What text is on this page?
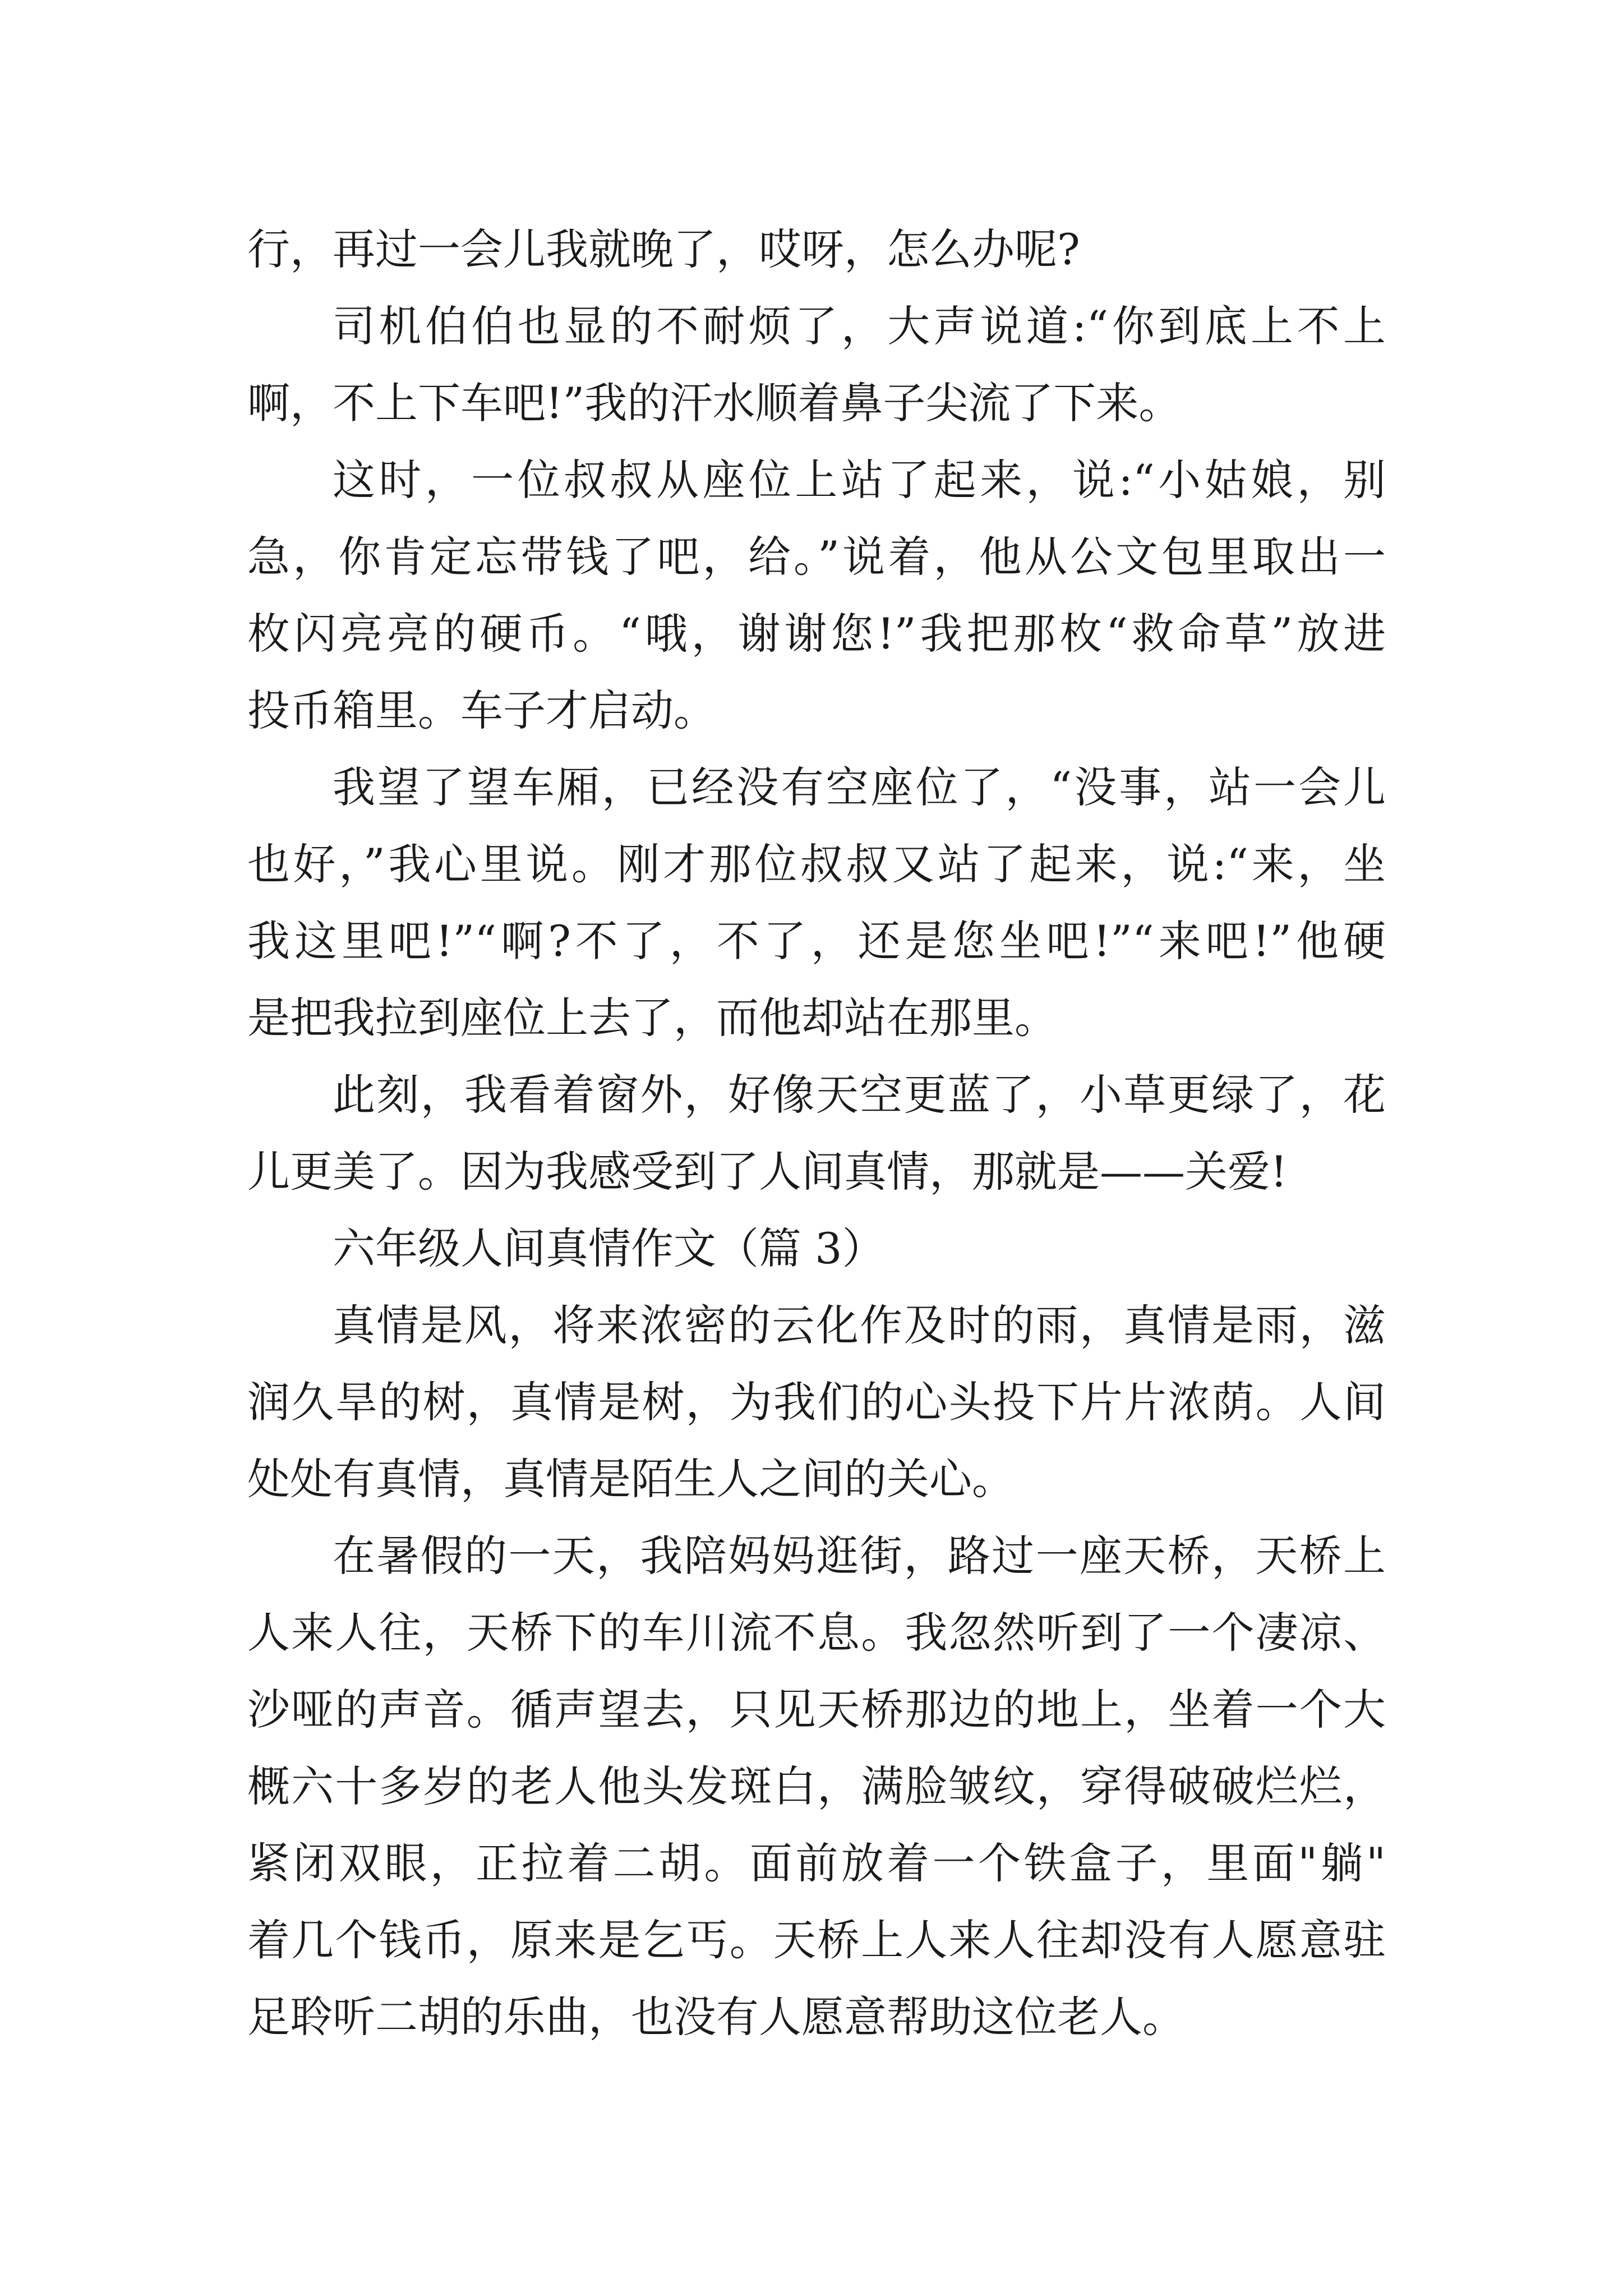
行，再过一会儿我就晚了，哎呀，怎么办呢?
司机伯伯也显的不耐烦了，大声说道:“你到底上不上
啊，不上下车吧!”我的汗水顺着鼻子尖流了下来。
这时，一位叔叔从座位上站了起来，说:“小姑娘，别
急，你肯定忘带钱了吧，给。”说着，他从公文包里取出一
枚闪亮亮的硬币。“哦，谢谢您!”我把那枚“救命草”放进
投币箱里。车子才启动。
我望了望车厢，已经没有空座位了，“没事，站一会儿
也好，”我心里说。刚才那位叔叔又站了起来，说:“来，坐
我这里吧!”“啊?不了，不了，还是您坐吧!”“来吧!”他硬
是把我拉到座位上去了，而他却站在那里。
此刻，我看着窗外，好像天空更蓝了，小草更绿了，花
儿更美了。因为我感受到了人间真情，那就是——关爱!
六年级人间真情作文（篇 3）
真情是风，将来浓密的云化作及时的雨，真情是雨，滋
润久旱的树，真情是树，为我们的心头投下片片浓荫。人间
处处有真情，真情是陌生人之间的关心。
在暑假的一天，我陪妈妈逛街，路过一座天桥，天桥上
人来人往，天桥下的车川流不息。我忽然听到了一个凄凉、
沙哑的声音。循声望去，只见天桥那边的地上，坐着一个大
概六十多岁的老人他头发斑白，满脸皱纹，穿得破破烂烂，
紧闭双眼，正拉着二胡。面前放着一个铁盒子，里面"躺"
着几个钱币，原来是乞丐。天桥上人来人往却没有人愿意驻
足聆听二胡的乐曲，也没有人愿意帮助这位老人。
